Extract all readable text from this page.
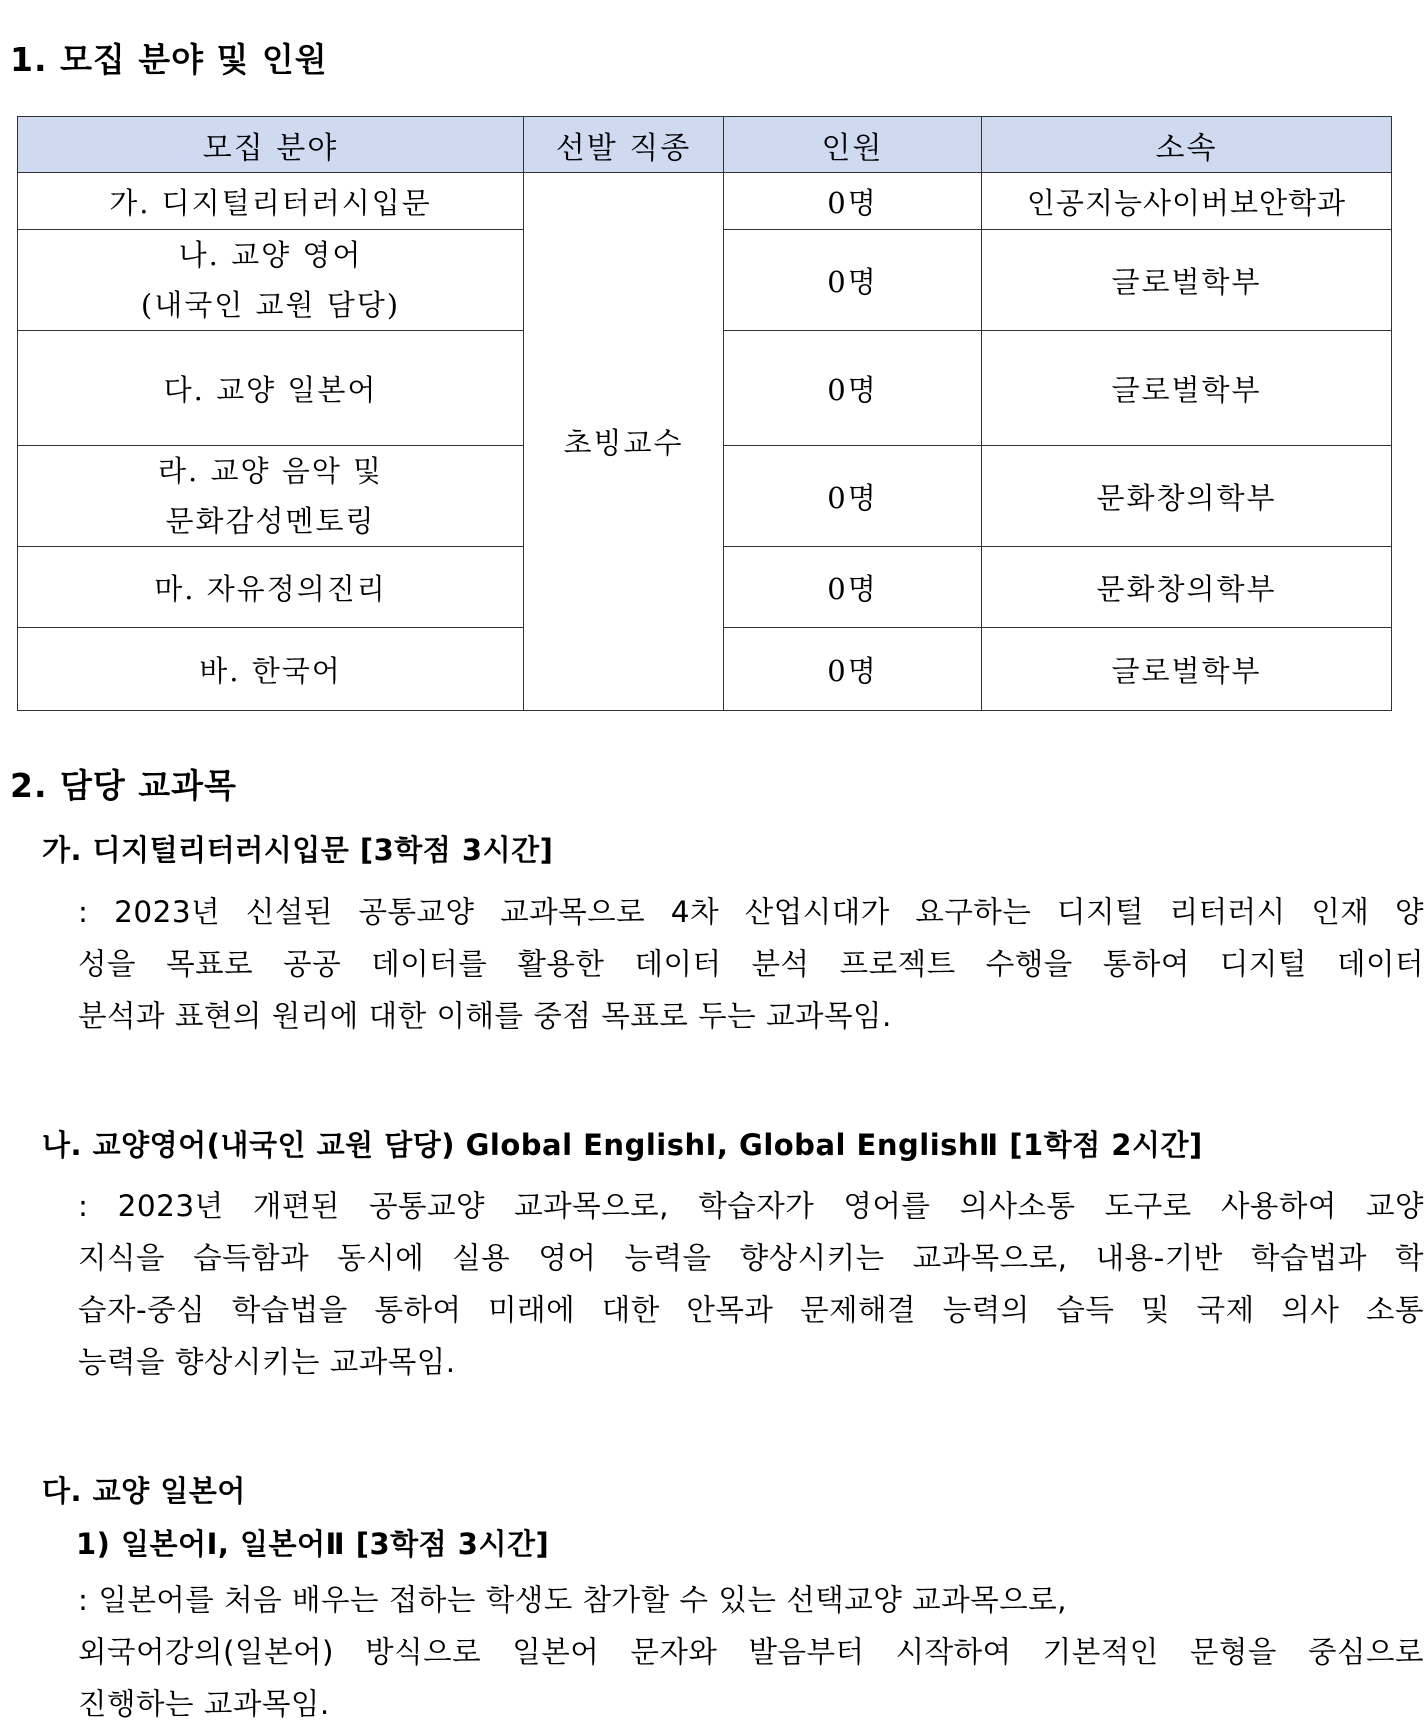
1. 모집 분야 및 인원
모집 분야	선발 직종	인원	소속
가. 디지털리터러시입문	초빙교수	0명	인공지능사이버보안학과

나. 교양 영어
(내국인 교원 담당)		0명	글로벌학부
다. 교양 일본어		0명	글로벌학부

라. 교양 음악 및
문화감성멘토링		0명	문화창의학부
마. 자유정의진리		0명	문화창의학부
바. 한국어		0명	글로벌학부
2. 담당 교과목
가. 디지털리터러시입문 [3학점 3시간]
: 2023년 신설된 공통교양 교과목으로 4차 산업시대가 요구하는 디지털 리터러시 인재 양
성을 목표로 공공 데이터를 활용한 데이터 분석 프로젝트 수행을 통하여 디지털 데이터
분석과 표현의 원리에 대한 이해를 중점 목표로 두는 교과목임.
나. 교양영어(내국인 교원 담당) Global EnglishⅠ, Global EnglishⅡ [1학점 2시간]
: 2023년 개편된 공통교양 교과목으로, 학습자가 영어를 의사소통 도구로 사용하여 교양
지식을 습득함과 동시에 실용 영어 능력을 향상시키는 교과목으로, 내용-기반 학습법과 학
습자-중심 학습법을 통하여 미래에 대한 안목과 문제해결 능력의 습득 및 국제 의사 소통
능력을 향상시키는 교과목임.
다. 교양 일본어
1) 일본어Ⅰ, 일본어Ⅱ [3학점 3시간]
: 일본어를 처음 배우는 접하는 학생도 참가할 수 있는 선택교양 교과목으로,
외국어강의(일본어) 방식으로 일본어 문자와 발음부터 시작하여 기본적인 문형을 중심으로
진행하는 교과목임.
